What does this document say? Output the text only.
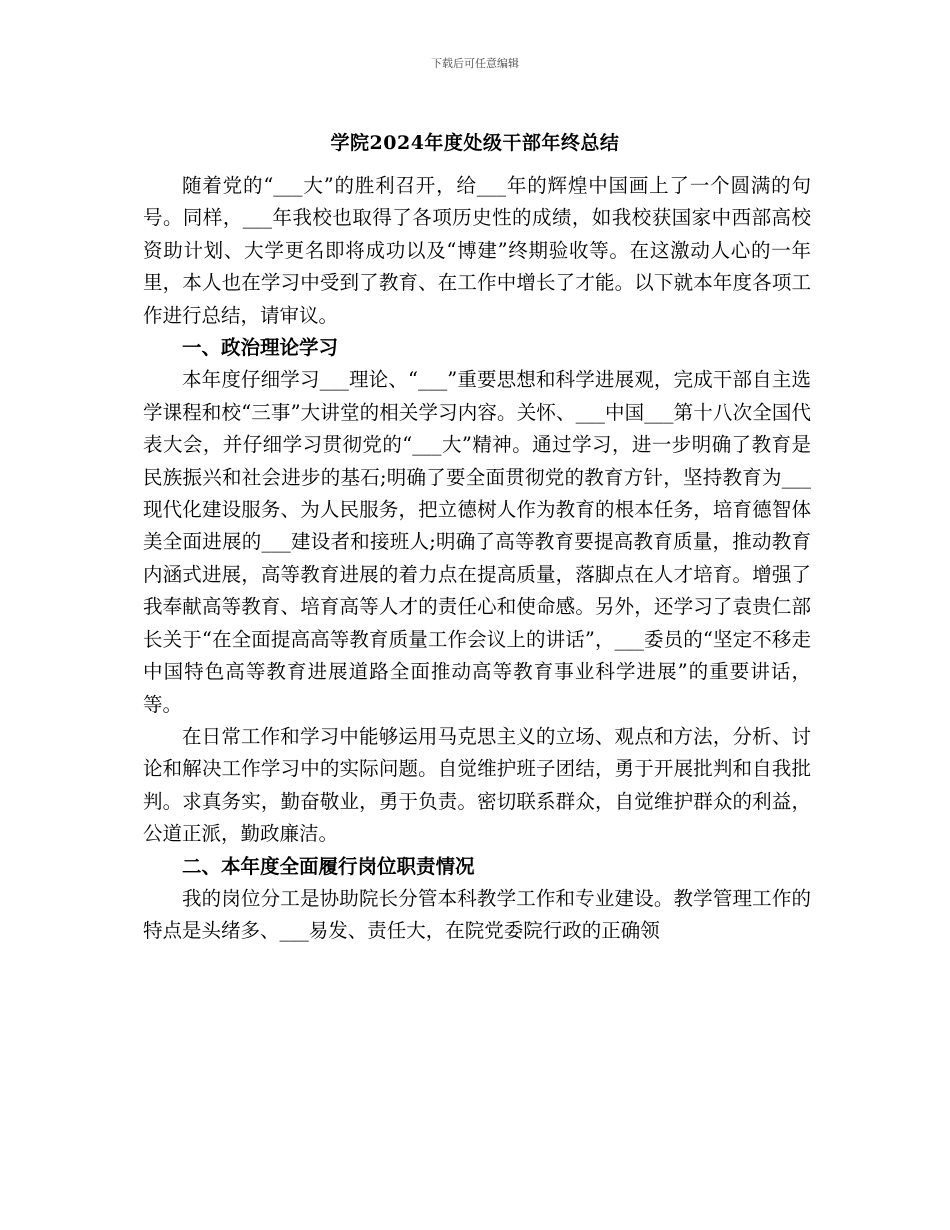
下载后可任意编辑
学院2024年度处级干部年终总结

随着党的“___大”的胜利召开，给___年的辉煌中国画上了一个圆满的句号。同样，___年我校也取得了各项历史性的成绩，如我校获国家中西部高校资助计划、大学更名即将成功以及“博建”终期验收等。在这激动人心的一年里，本人也在学习中受到了教育、在工作中增长了才能。以下就本年度各项工作进行总结，请审议。

一、政治理论学习

本年度仔细学习___理论、“___”重要思想和科学进展观，完成干部自主选学课程和校“三事”大讲堂的相关学习内容。关怀、___中国___第十八次全国代表大会，并仔细学习贯彻党的“___大”精神。通过学习，进一步明确了教育是民族振兴和社会进步的基石;明确了要全面贯彻党的教育方针，坚持教育为___现代化建设服务、为人民服务，把立德树人作为教育的根本任务，培育德智体美全面进展的___建设者和接班人;明确了高等教育要提高教育质量，推动教育内涵式进展，高等教育进展的着力点在提高质量，落脚点在人才培育。增强了我奉献高等教育、培育高等人才的责任心和使命感。另外，还学习了袁贵仁部长关于“在全面提高高等教育质量工作会议上的讲话”，___委员的“坚定不移走中国特色高等教育进展道路全面推动高等教育事业科学进展”的重要讲话，等。

在日常工作和学习中能够运用马克思主义的立场、观点和方法，分析、讨论和解决工作学习中的实际问题。自觉维护班子团结，勇于开展批判和自我批判。求真务实，勤奋敬业，勇于负责。密切联系群众，自觉维护群众的利益，公道正派，勤政廉洁。

二、本年度全面履行岗位职责情况

我的岗位分工是协助院长分管本科教学工作和专业建设。教学管理工作的特点是头绪多、___易发、责任大，在院党委院行政的正确领
